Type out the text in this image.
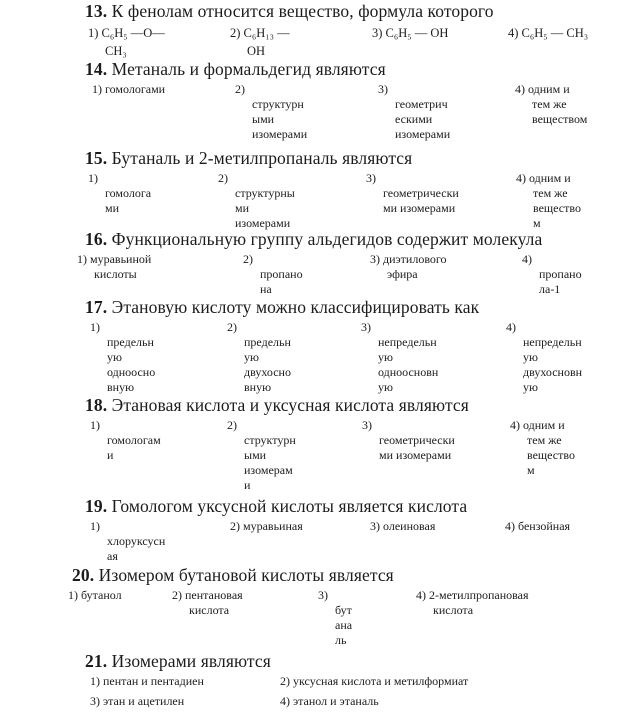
13. К фенолам относится вещество, формула которого
1) C₆H₅ —O—
CH₃
2) C₆H₁₃ —
OH
3) C₆H₅ — OH	4) C₆H₅ — CH₃
14. Метаналь и формальдегид являются
1) гомологами	2)
структурн
ыми
изомерами
3)
геометрич
ескими
изомерами
4) одним и
тем же
веществом
15. Бутаналь и 2-метилпропаналь являются
1)
гомолога
ми
2)
структурны
ми
изомерами
3)
геометрически
ми изомерами
4) одним и
тем же
вещество
м
16. Функциональную группу альдегидов содержит молекула
1) муравьиной
кислоты
2)
пропано
на
3) диэтилового
эфира
4)
пропано
ла-1
17. Этановую кислоту можно классифицировать как
1)
предельн
ую
одноосно
вную
2)
предельн
ую
двухосно
вную
3)
непредельн
ую
одноосновн
ую
4)
непредельн
ую
двухосновн
ую
18. Этановая кислота и уксусная кислота являются
1)
гомологам
и
2)
структурн
ыми
изомерам
и
3)
геометрически
ми изомерами
4) одним и
тем же
вещество
м
19. Гомологом уксусной кислоты является кислота
1)
хлоруксусн
ая
2) муравьиная	3) олеиновая	4) бензойная
20. Изомером бутановой кислоты является
1) бутанол	2) пентановая
кислота
3)
бут
ана
ль
4) 2-метилпропановая
кислота
21. Изомерами являются
1) пентан и пентадиен	2) уксусная кислота и метилформиат
3) этан и ацетилен	4) этанол и этаналь
